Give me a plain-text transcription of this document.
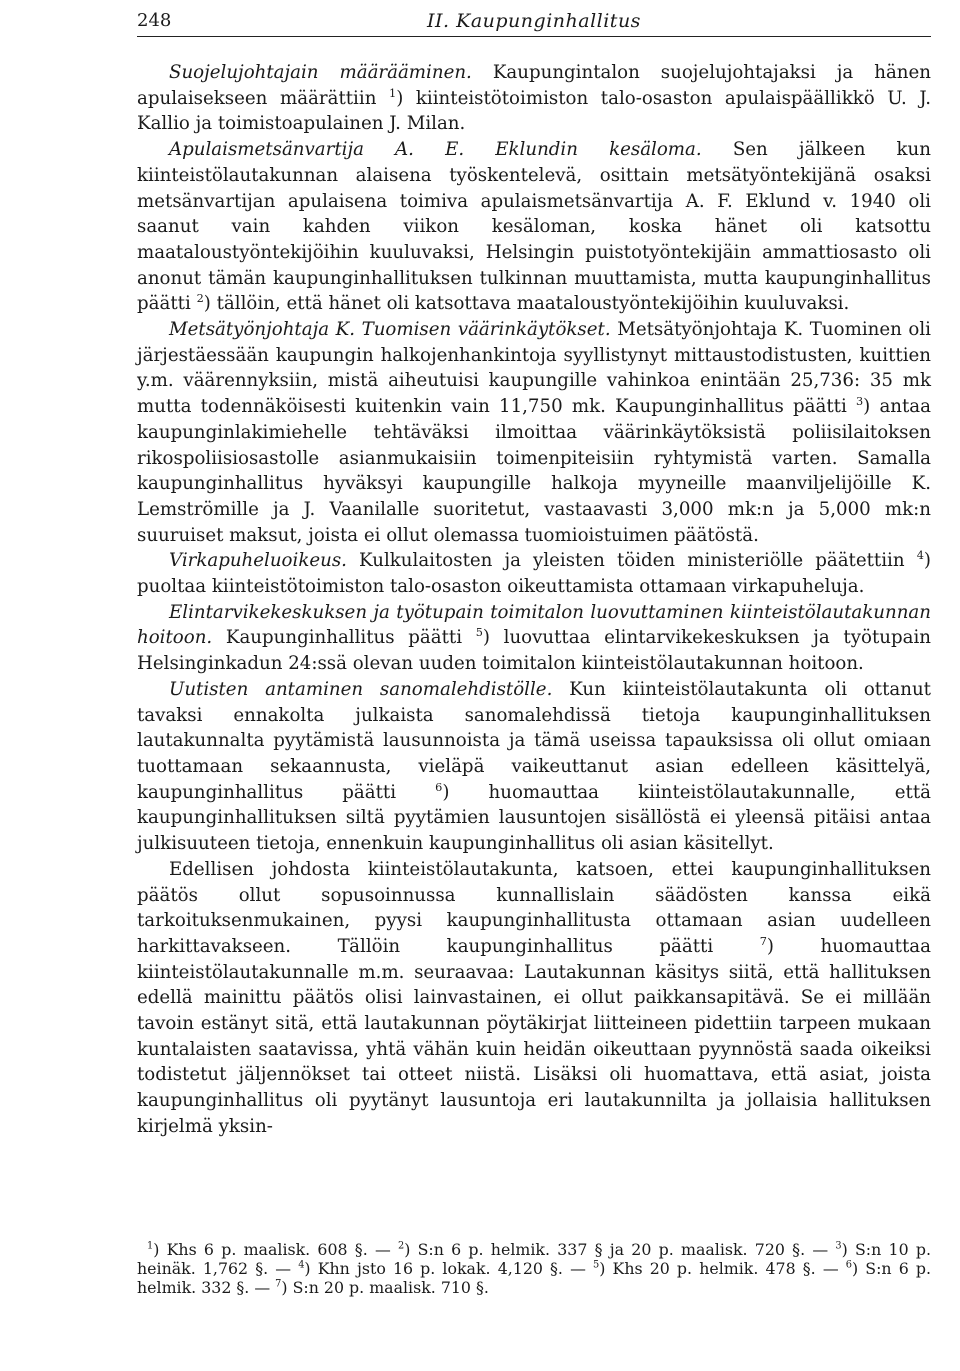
248	II. Kaupunginhallitus

Suojelujohtajain määrääminen. Kaupungintalon suojelujohtajaksi ja hänen apulaisekseen määrättiin $^1$) kiinteistötoimiston talo-osaston apulaispäällikkö U. J. Kallio ja toimistoapulainen J. Milan.

Apulaismetsänvartija A. E. Eklundin kesäloma. Sen jälkeen kun kiinteistölautakunnan alaisena työskentelevä, osittain metsätyöntekijänä osaksi metsänvartijan apulaisena toimiva apulaismetsänvartija A. F. Eklund v. 1940 oli saanut vain kahden viikon kesäloman, koska hänet oli katsottu maataloustyöntekijöihin kuuluvaksi, Helsingin puistotyöntekijäin ammattiosasto oli anonut tämän kaupunginhallituksen tulkinnan muuttamista, mutta kaupunginhallitus päätti $^2$) tällöin, että hänet oli katsottava maataloustyöntekijöihin kuuluvaksi.

Metsätyönjohtaja K. Tuomisen väärinkäytökset. Metsätyönjohtaja K. Tuominen oli järjestäessään kaupungin halkojenhankintoja syyllistynyt mittaustodistusten, kuittien y.m. väärennyksiin, mistä aiheutuisi kaupungille vahinkoa enintään 25,736: 35 mk mutta todennäköisesti kuitenkin vain 11,750 mk. Kaupunginhallitus päätti $^3$) antaa kaupunginlakimiehelle tehtäväksi ilmoittaa väärinkäytöksistä poliisilaitoksen rikospoliisiosastolle asianmukaisiin toimenpiteisiin ryhtymistä varten. Samalla kaupunginhallitus hyväksyi kaupungille halkoja myyneille maanviljelijöille K. Lemströmille ja J. Vaanilalle suoritetut, vastaavasti 3,000 mk:n ja 5,000 mk:n suuruiset maksut, joista ei ollut olemassa tuomioistuimen päätöstä.

Virkapuheluoikeus. Kulkulaitosten ja yleisten töiden ministeriölle päätettiin $^4$) puoltaa kiinteistötoimiston talo-osaston oikeuttamista ottamaan virkapuheluja.

Elintarvikekeskuksen ja työtupain toimitalon luovuttaminen kiinteistölautakunnan hoitoon. Kaupunginhallitus päätti $^5$) luovuttaa elintarvikekeskuksen ja työtupain Helsinginkadun 24:ssä olevan uuden toimitalon kiinteistölautakunnan hoitoon.

Uutisten antaminen sanomalehdistölle. Kun kiinteistölautakunta oli ottanut tavaksi ennakolta julkaista sanomalehdissä tietoja kaupunginhallituksen lautakunnalta pyytämistä lausunnoista ja tämä useissa tapauksissa oli ollut omiaan tuottamaan sekaannusta, vieläpä vaikeuttanut asian edelleen käsittelyä, kaupunginhallitus päätti	$^6$) huomauttaa kiinteistölautakunnalle, että kaupunginhallituksen siltä pyytämien lausuntojen sisällöstä ei yleensä pitäisi antaa julkisuuteen tietoja, ennenkuin kaupunginhallitus oli asian käsitellyt.

Edellisen johdosta kiinteistölautakunta, katsoen, ettei kaupunginhallituksen päätös ollut sopusoinnussa kunnallislain säädösten kanssa eikä tarkoituksenmukainen, pyysi kaupunginhallitusta ottamaan asian uudelleen harkittavakseen. Tällöin kaupunginhallitus päätti	$^7$) huomauttaa kiinteistölautakunnalle m.m. seuraavaa: Lautakunnan käsitys siitä, että hallituksen edellä mainittu päätös olisi lainvastainen, ei ollut paikkansapitävä. Se ei millään tavoin estänyt sitä, että lautakunnan pöytäkirjat liitteineen pidettiin tarpeen mukaan kuntalaisten saatavissa, yhtä vähän kuin heidän oikeuttaan pyynnöstä saada oikeiksi todistetut jäljennökset tai otteet niistä. Lisäksi oli huomattava, että asiat, joista kaupunginhallitus oli pyytänyt lausuntoja eri lautakunnilta ja jollaisia hallituksen kirjelmä yksin-

$^1$) Khs 6 p. maalisk. 608 §. — $^2$) S:n 6 p. helmik. 337 § ja 20 p. maalisk. 720 §. — $^3$) S:n 10 p. heinäk. 1,762 §. — $^4$) Khn jsto 16 p. lokak. 4,120 §. — $^5$) Khs 20 p. helmik. 478 §. — $^6$) S:n 6 p. helmik. 332 §. — $^7$) S:n 20 p. maalisk. 710 §.
